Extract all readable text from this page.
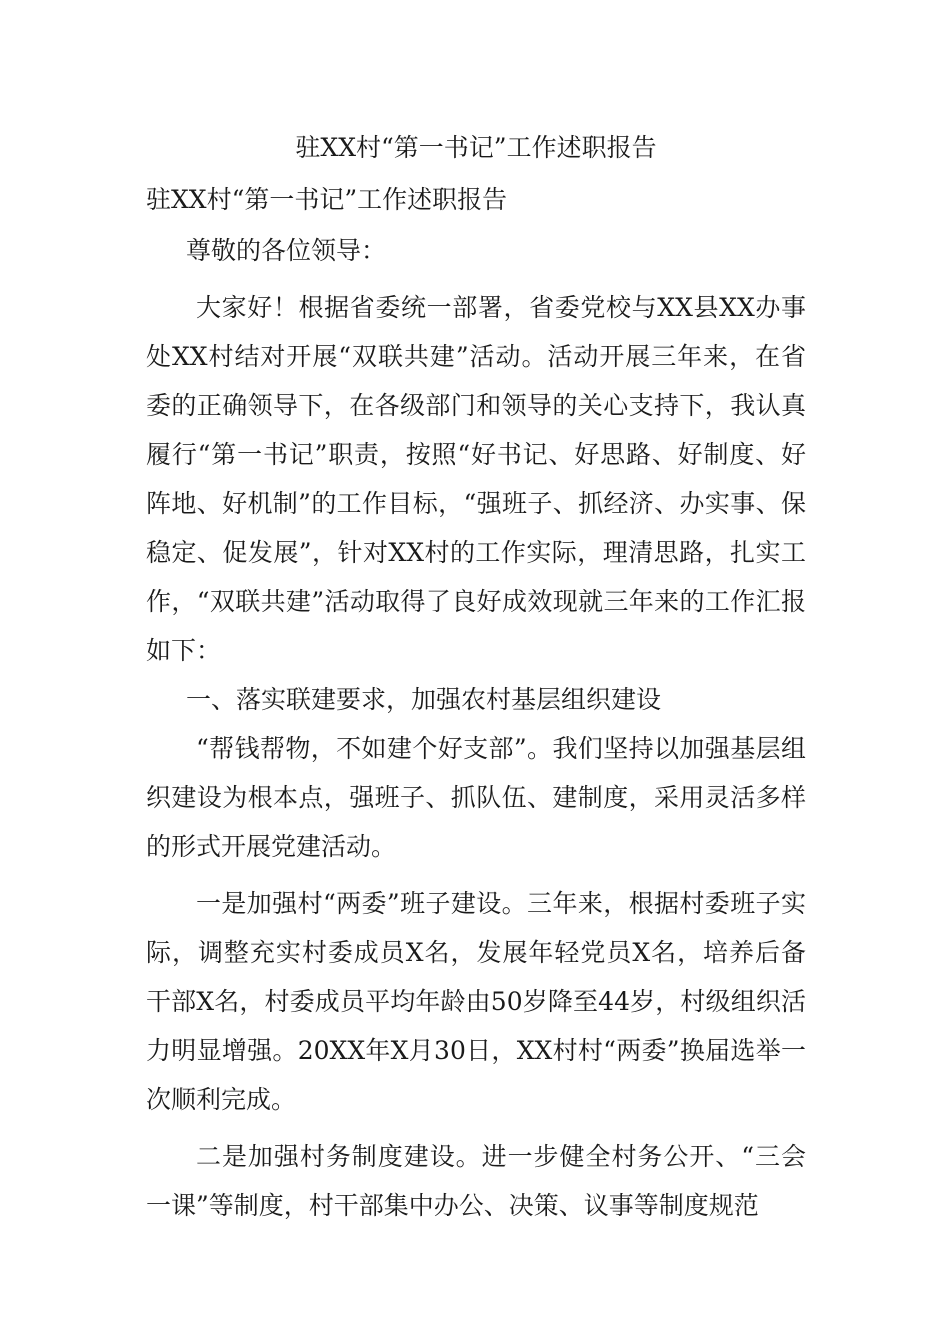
驻XX村“第一书记”工作述职报告

驻XX村“第一书记”工作述职报告

尊敬的各位领导：

大家好！根据省委统一部署，省委党校与XX县XX办事处XX村结对开展“双联共建”活动。活动开展三年来，在省委的正确领导下，在各级部门和领导的关心支持下，我认真履行“第一书记”职责，按照“好书记、好思路、好制度、好阵地、好机制”的工作目标，“强班子、抓经济、办实事、保稳定、促发展”，针对XX村的工作实际，理清思路，扎实工作，“双联共建”活动取得了良好成效现就三年来的工作汇报如下：

一、落实联建要求，加强农村基层组织建设

“帮钱帮物，不如建个好支部”。我们坚持以加强基层组织建设为根本点，强班子、抓队伍、建制度，采用灵活多样的形式开展党建活动。

一是加强村“两委”班子建设。三年来，根据村委班子实际，调整充实村委成员X名，发展年轻党员X名，培养后备干部X名，村委成员平均年龄由50岁降至44岁，村级组织活力明显增强。20XX年X月30日，XX村村“两委”换届选举一次顺利完成。

二是加强村务制度建设。进一步健全村务公开、“三会一课”等制度，村干部集中办公、决策、议事等制度规范
